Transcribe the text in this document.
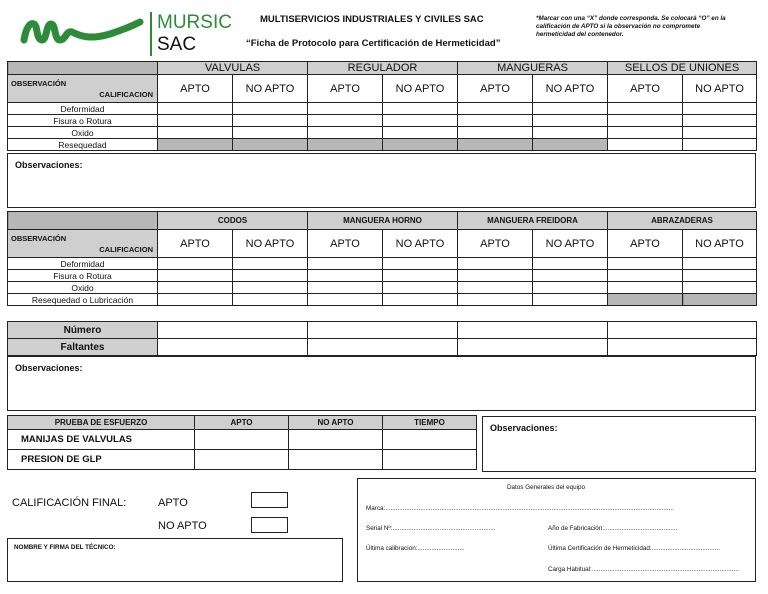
MURSIC
SAC
MULTISERVICIOS INDUSTRIALES Y CIVILES SAC
“Ficha de Protocolo para Certificación de Hermeticidad”
*Marcar con una “X” donde corresponda. Se colocará “O” en la calificación de APTO si la observación no compromete hermeticidad del contenedor.
	VALVULAS		REGULADOR		MANGUERAS		SELLOS DE UNIONES	

CALIFICACION
OBSERVACIÓN	APTO	NO APTO	APTO	NO APTO	APTO	NO APTO	APTO	NO APTO
Deformidad								
Fisura o Rotura								
Oxido								
Resequedad								
Observaciones:
	CODOS		MANGUERA HORNO		MANGUERA FREIDORA		ABRAZADERAS	

CALIFICACION
OBSERVACIÓN	APTO	NO APTO	APTO	NO APTO	APTO	NO APTO	APTO	NO APTO
Deformidad								
Fisura o Rotura								
Oxido								
Resequedad o Lubricación								
Número				
Faltantes				
Observaciones:
PRUEBA DE ESFUERZO	APTO	NO APTO	TIEMPO
MANIJAS DE VALVULAS			
PRESION DE GLP			
Observaciones:
CALIFICACIÓN FINAL:	APTO
NO APTO
NOMBRE Y FIRMA DEL TÉCNICO:
Datos Generales del equipo
Marca:.....................................................................................................................................................................
Serial Nº:...........................................................	Año de Fabricación:..........................................
Última calibracion:...........................	Última Certificación de Hermeticidad:.......................................
Carga Habitual:....................................................................................
